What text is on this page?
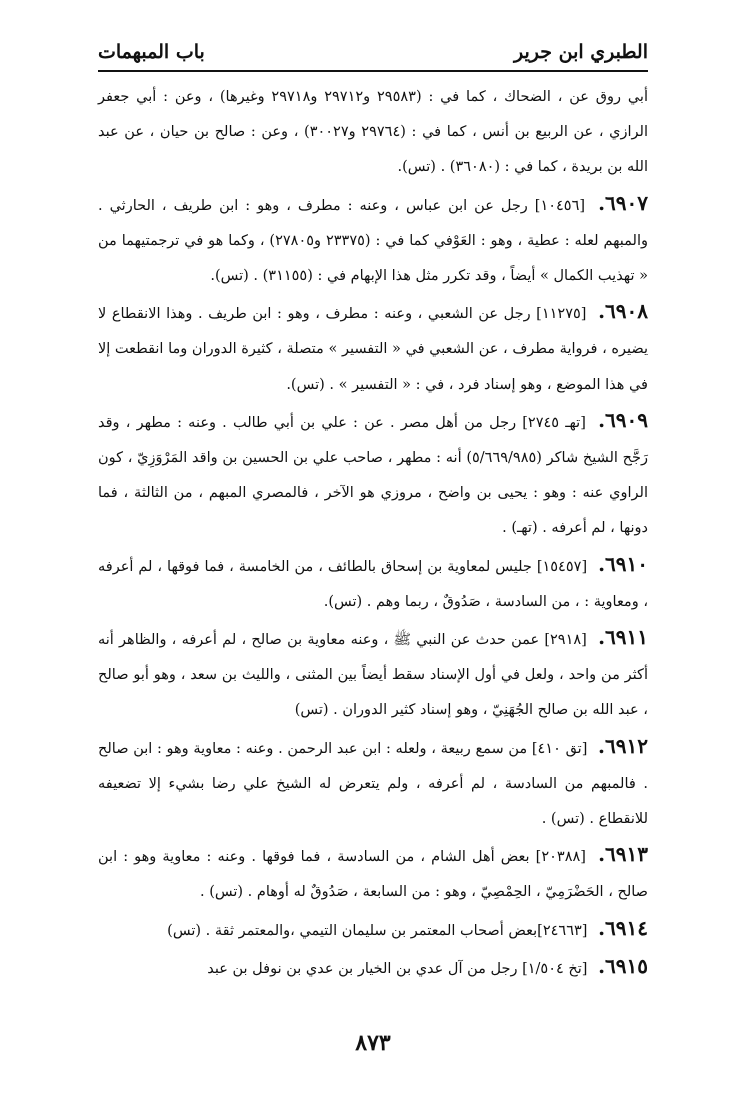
الطبري ابن جرير
باب المبهمات

أبي روق عن ، الضحاك ، كما في : (٢٩٥٨٣ و٢٩٧١٢ و٢٩٧١٨ وغيرها) ، وعن : أبي جعفر الرازي ، عن الربيع بن أنس ، كما في : (٢٩٧٦٤ و٣٠٠٢٧) ، وعن : صالح بن حيان ، عن عبد الله بن بريدة ، كما في : (٣٦٠٨٠) . (تس).

٦٩٠٧. [١٠٤٥٦] رجل عن ابن عباس ، وعنه : مطرف ، وهو : ابن طريف ، الحارثي . والمبهم لعله : عطية ، وهو : العَوْفي كما في : (٢٣٣٧٥ و٢٧٨٠٥) ، وكما هو في ترجمتيهما من « تهذيب الكمال » أيضاً ، وقد تكرر مثل هذا الإبهام في : (٣١١٥٥) . (تس).

٦٩٠٨. [١١٢٧٥] رجل عن الشعبي ، وعنه : مطرف ، وهو : ابن طريف . وهذا الانقطاع لا يضيره ، فرواية مطرف ، عن الشعبي في « التفسير » متصلة ، كثيرة الدوران وما انقطعت إلا في هذا الموضع ، وهو إسناد فرد ، في : « التفسير » . (تس).

٦٩٠٩. [تهـ ٢٧٤٥] رجل من أهل مصر . عن : علي بن أبي طالب . وعنه : مطهر ، وقد رَجَّح الشيخ شاكر (٥/٦٦٩/٩٨٥) أنه : مطهر ، صاحب علي بن الحسين بن واقد المَرْوَزِيّ ، كون الراوي عنه : وهو : يحيى بن واضح ، مروزي هو الآخر ، فالمصري المبهم ، من الثالثة ، فما دونها ، لم أعرفه . (تهـ) .

٦٩١٠. [١٥٤٥٧] جليس لمعاوية بن إسحاق بالطائف ، من الخامسة ، فما فوقها ، لم أعرفه ، ومعاوية : ، من السادسة ، صَدُوقٌ ، ربما وهم . (تس).

٦٩١١. [٢٩١٨] عمن حدث عن النبي ﷺ ، وعنه معاوية بن صالح ، لم أعرفه ، والظاهر أنه أكثر من واحد ، ولعل في أول الإسناد سقط أيضاً بين المثنى ، والليث بن سعد ، وهو أبو صالح ، عبد الله بن صالح الجُهَنِيّ ، وهو إسناد كثير الدوران . (تس)

٦٩١٢. [تق ٤١٠] من سمع ربيعة ، ولعله : ابن عبد الرحمن . وعنه : معاوية وهو : ابن صالح . فالمبهم من السادسة ، لم أعرفه ، ولم يتعرض له الشيخ علي رضا بشيء إلا تضعيفه للانقطاع . (تس) .

٦٩١٣. [٢٠٣٨٨] بعض أهل الشام ، من السادسة ، فما فوقها . وعنه : معاوية وهو : ابن صالح ، الحَضْرَمِيّ ، الحِمْصِيّ ، وهو : من السابعة ، صَدُوقٌ له أوهام . (تس) .

٦٩١٤. [٢٤٦٦٣]بعض أصحاب المعتمر بن سليمان التيمي ،والمعتمر ثقة . (تس)

٦٩١٥. [تخ ١/٥٠٤] رجل من آل عدي بن الخيار بن عدي بن نوفل بن عبد

٨٧٣
